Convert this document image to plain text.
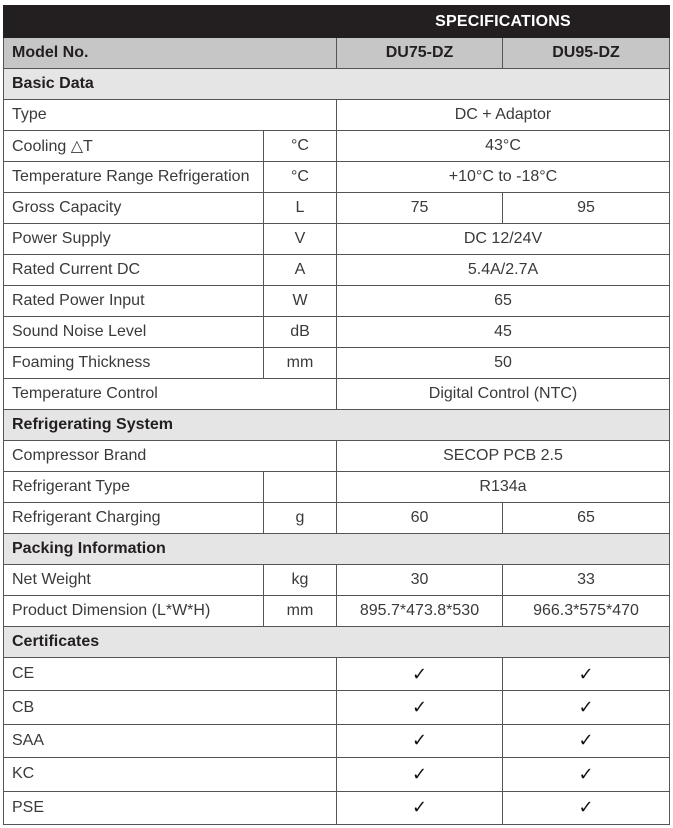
		SPECIFICATIONS	
Model No.		DU75-DZ	DU95-DZ
Basic Data			
Type		DC + Adaptor	
Cooling △T	°C	43°C	
Temperature Range Refrigeration	°C	+10°C to -18°C	
Gross Capacity	L	75	95
Power Supply	V	DC 12/24V	
Rated Current DC	A	5.4A/2.7A	
Rated Power Input	W	65	
Sound Noise Level	dB	45	
Foaming Thickness	mm	50	
Temperature Control		Digital Control (NTC)	
Refrigerating System			
Compressor Brand		SECOP PCB 2.5	
Refrigerant Type		R134a	
Refrigerant Charging	g	60	65
Packing Information			
Net Weight	kg	30	33
Product Dimension (L*W*H)	mm	895.7*473.8*530	966.3*575*470
Certificates			
CE		✓	✓
CB		✓	✓
SAA		✓	✓
KC		✓	✓
PSE		✓	✓
